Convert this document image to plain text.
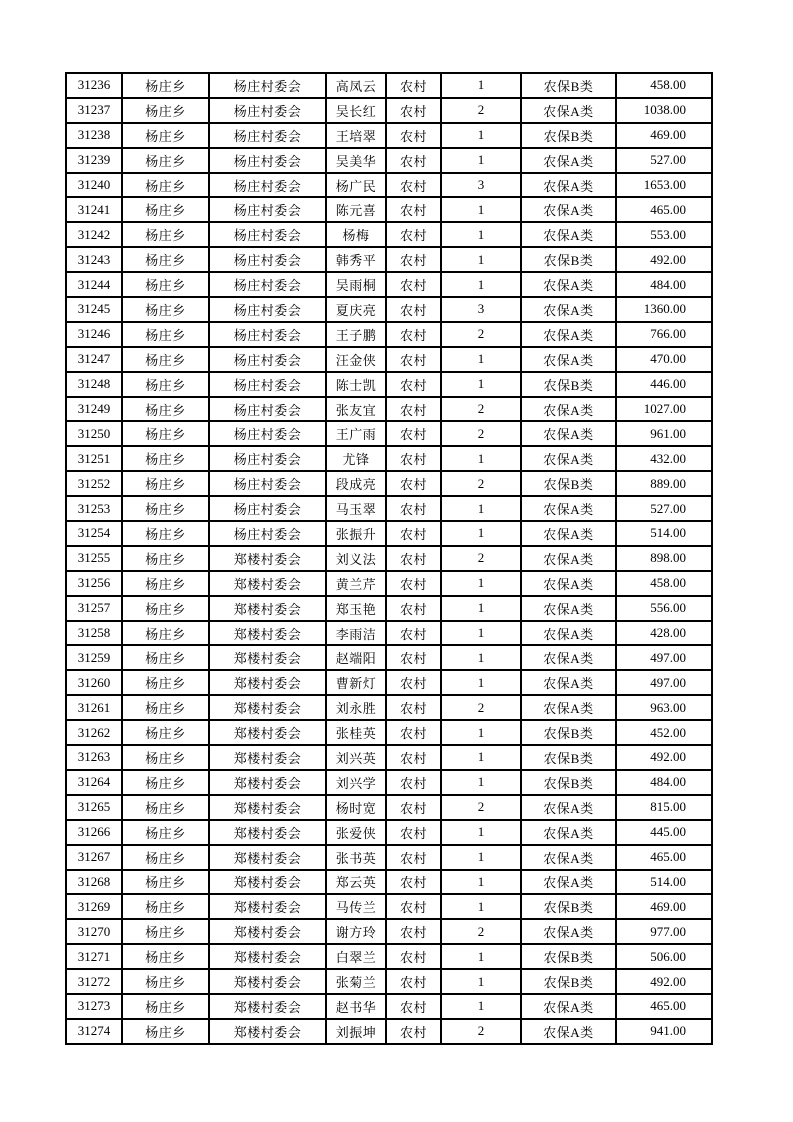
31236	杨庄乡	杨庄村委会	高凤云	农村	1	农保B类	458.00
31237	杨庄乡	杨庄村委会	吴长红	农村	2	农保A类	1038.00
31238	杨庄乡	杨庄村委会	王培翠	农村	1	农保B类	469.00
31239	杨庄乡	杨庄村委会	吴美华	农村	1	农保A类	527.00
31240	杨庄乡	杨庄村委会	杨广民	农村	3	农保A类	1653.00
31241	杨庄乡	杨庄村委会	陈元喜	农村	1	农保A类	465.00
31242	杨庄乡	杨庄村委会	杨梅	农村	1	农保A类	553.00
31243	杨庄乡	杨庄村委会	韩秀平	农村	1	农保B类	492.00
31244	杨庄乡	杨庄村委会	吴雨桐	农村	1	农保A类	484.00
31245	杨庄乡	杨庄村委会	夏庆亮	农村	3	农保A类	1360.00
31246	杨庄乡	杨庄村委会	王子鹏	农村	2	农保A类	766.00
31247	杨庄乡	杨庄村委会	汪金侠	农村	1	农保A类	470.00
31248	杨庄乡	杨庄村委会	陈士凯	农村	1	农保B类	446.00
31249	杨庄乡	杨庄村委会	张友宜	农村	2	农保A类	1027.00
31250	杨庄乡	杨庄村委会	王广雨	农村	2	农保A类	961.00
31251	杨庄乡	杨庄村委会	尤锋	农村	1	农保A类	432.00
31252	杨庄乡	杨庄村委会	段成亮	农村	2	农保B类	889.00
31253	杨庄乡	杨庄村委会	马玉翠	农村	1	农保A类	527.00
31254	杨庄乡	杨庄村委会	张振升	农村	1	农保A类	514.00
31255	杨庄乡	郑楼村委会	刘义法	农村	2	农保A类	898.00
31256	杨庄乡	郑楼村委会	黄兰芹	农村	1	农保A类	458.00
31257	杨庄乡	郑楼村委会	郑玉艳	农村	1	农保A类	556.00
31258	杨庄乡	郑楼村委会	李雨洁	农村	1	农保A类	428.00
31259	杨庄乡	郑楼村委会	赵端阳	农村	1	农保A类	497.00
31260	杨庄乡	郑楼村委会	曹新灯	农村	1	农保A类	497.00
31261	杨庄乡	郑楼村委会	刘永胜	农村	2	农保A类	963.00
31262	杨庄乡	郑楼村委会	张桂英	农村	1	农保B类	452.00
31263	杨庄乡	郑楼村委会	刘兴英	农村	1	农保B类	492.00
31264	杨庄乡	郑楼村委会	刘兴学	农村	1	农保B类	484.00
31265	杨庄乡	郑楼村委会	杨时宽	农村	2	农保A类	815.00
31266	杨庄乡	郑楼村委会	张爱侠	农村	1	农保A类	445.00
31267	杨庄乡	郑楼村委会	张书英	农村	1	农保A类	465.00
31268	杨庄乡	郑楼村委会	郑云英	农村	1	农保A类	514.00
31269	杨庄乡	郑楼村委会	马传兰	农村	1	农保B类	469.00
31270	杨庄乡	郑楼村委会	谢方玲	农村	2	农保A类	977.00
31271	杨庄乡	郑楼村委会	白翠兰	农村	1	农保B类	506.00
31272	杨庄乡	郑楼村委会	张菊兰	农村	1	农保B类	492.00
31273	杨庄乡	郑楼村委会	赵书华	农村	1	农保A类	465.00
31274	杨庄乡	郑楼村委会	刘振坤	农村	2	农保A类	941.00
